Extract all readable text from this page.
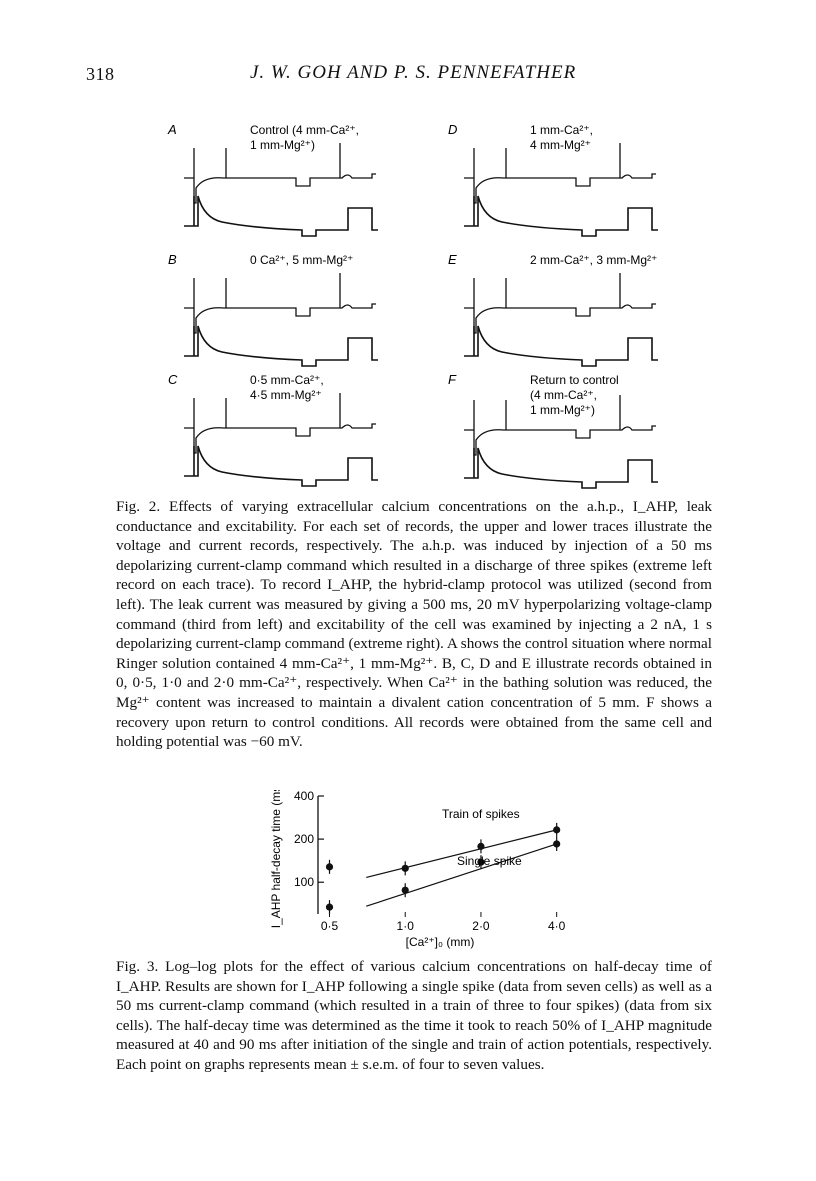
318	J. W. GOH AND P. S. PENNEFATHER
A	Control (4 mm-Ca²⁺,
1 mm-Mg²⁺)
B	0 Ca²⁺, 5 mm-Mg²⁺
C	0·5 mm-Ca²⁺,
4·5 mm-Mg²⁺
D	1 mm-Ca²⁺,
4 mm-Mg²⁺
E	2 mm-Ca²⁺, 3 mm-Mg²⁺
F	Return to control
(4 mm-Ca²⁺,
1 mm-Mg²⁺)
Fig. 2. Effects of varying extracellular calcium concentrations on the a.h.p., I_AHP, leak conductance and excitability. For each set of records, the upper and lower traces illustrate the voltage and current records, respectively. The a.h.p. was induced by injection of a 50 ms depolarizing current-clamp command which resulted in a discharge of three spikes (extreme left record on each trace). To record I_AHP, the hybrid-clamp protocol was utilized (second from left). The leak current was measured by giving a 500 ms, 20 mV hyperpolarizing voltage-clamp command (third from left) and excitability of the cell was examined by injecting a 2 nA, 1 s depolarizing current-clamp command (extreme right). A shows the control situation where normal Ringer solution contained 4 mm-Ca²⁺, 1 mm-Mg²⁺. B, C, D and E illustrate records obtained in 0, 0·5, 1·0 and 2·0 mm-Ca²⁺, respectively. When Ca²⁺ in the bathing solution was reduced, the Mg²⁺ content was increased to maintain a divalent cation concentration of 5 mm. F shows a recovery upon return to control conditions. All records were obtained from the same cell and holding potential was −60 mV.
100
200
400
0·5	1·0	2·0	4·0
[Ca²⁺]₀ (mm)
I_AHP half-decay time (ms)	Train of spikes
Single spike
Fig. 3. Log–log plots for the effect of various calcium concentrations on half-decay time of I_AHP. Results are shown for I_AHP following a single spike (data from seven cells) as well as a 50 ms current-clamp command (which resulted in a train of three to four spikes) (data from six cells). The half-decay time was determined as the time it took to reach 50% of I_AHP magnitude measured at 40 and 90 ms after initiation of the single and train of action potentials, respectively. Each point on graphs represents mean ± s.e.m. of four to seven values.
